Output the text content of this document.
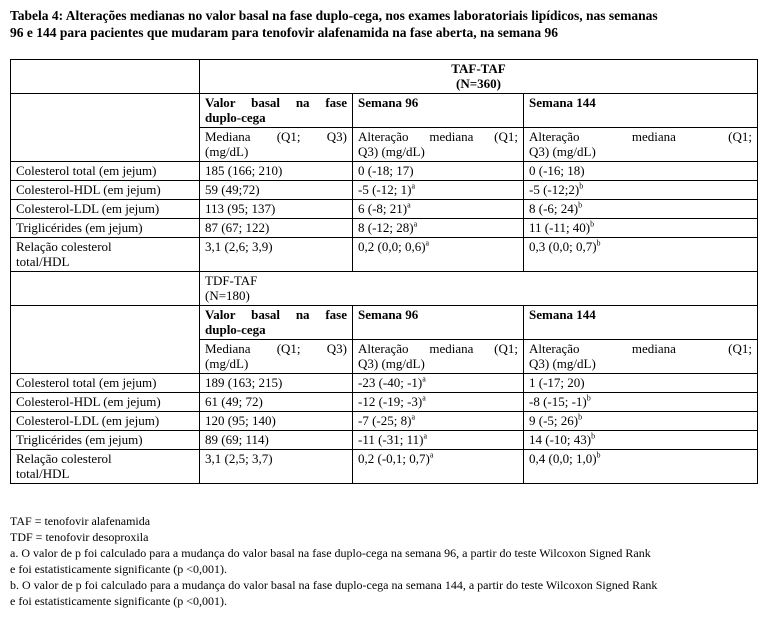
Tabela 4: Alterações medianas no valor basal na fase duplo-cega, nos exames laboratoriais lipídicos, nas semanas
96 e 144 para pacientes que mudaram para tenofovir alafenamida na fase aberta, na semana 96

	TAF-TAF
(N=360)		

	Valor basal na fase
duplo-cega	Semana 96	Semana 144

	Mediana (Q1; Q3)
(mg/dL)	Alteração mediana (Q1;
Q3) (mg/dL)	Alteração mediana (Q1;
Q3) (mg/dL)

Colesterol total (em jejum)	185 (166; 210)	0 (-18; 17)	0 (-16; 18)
Colesterol-HDL (em jejum)	59 (49;72)	-5 (-12; 1)$^a$	-5 (-12;2)$^b$
Colesterol-LDL (em jejum)	113 (95; 137)	6 (-8; 21)$^a$	8 (-6; 24)$^b$
Triglicérides (em jejum)	87 (67; 122)	8 (-12; 28)$^a$	11 (-11; 40)$^b$

Relação colesterol
total/HDL	3,1 (2,6; 3,9)	0,2 (0,0; 0,6)$^a$	0,3 (0,0; 0,7)$^b$

	TDF-TAF
(N=180)		

	Valor basal na fase
duplo-cega	Semana 96	Semana 144

	Mediana (Q1; Q3)
(mg/dL)	Alteração mediana (Q1;
Q3) (mg/dL)	Alteração mediana (Q1;
Q3) (mg/dL)

Colesterol total (em jejum)	189 (163; 215)	-23 (-40; -1)$^a$	1 (-17; 20)
Colesterol-HDL (em jejum)	61 (49; 72)	-12 (-19; -3)$^a$	-8 (-15; -1)$^b$
Colesterol-LDL (em jejum)	120 (95; 140)	-7 (-25; 8)$^a$	9 (-5; 26)$^b$
Triglicérides (em jejum)	89 (69; 114)	-11 (-31; 11)$^a$	14 (-10; 43)$^b$

Relação colesterol
total/HDL	3,1 (2,5; 3,7)	0,2 (-0,1; 0,7)$^a$	0,4 (0,0; 1,0)$^b$
TAF = tenofovir alafenamida
TDF = tenofovir desoproxila
a. O valor de p foi calculado para a mudança do valor basal na fase duplo-cega na semana 96, a partir do teste Wilcoxon Signed Rank
e foi estatisticamente significante (p <0,001).
b. O valor de p foi calculado para a mudança do valor basal na fase duplo-cega na semana 144, a partir do teste Wilcoxon Signed Rank
e foi estatisticamente significante (p <0,001).
